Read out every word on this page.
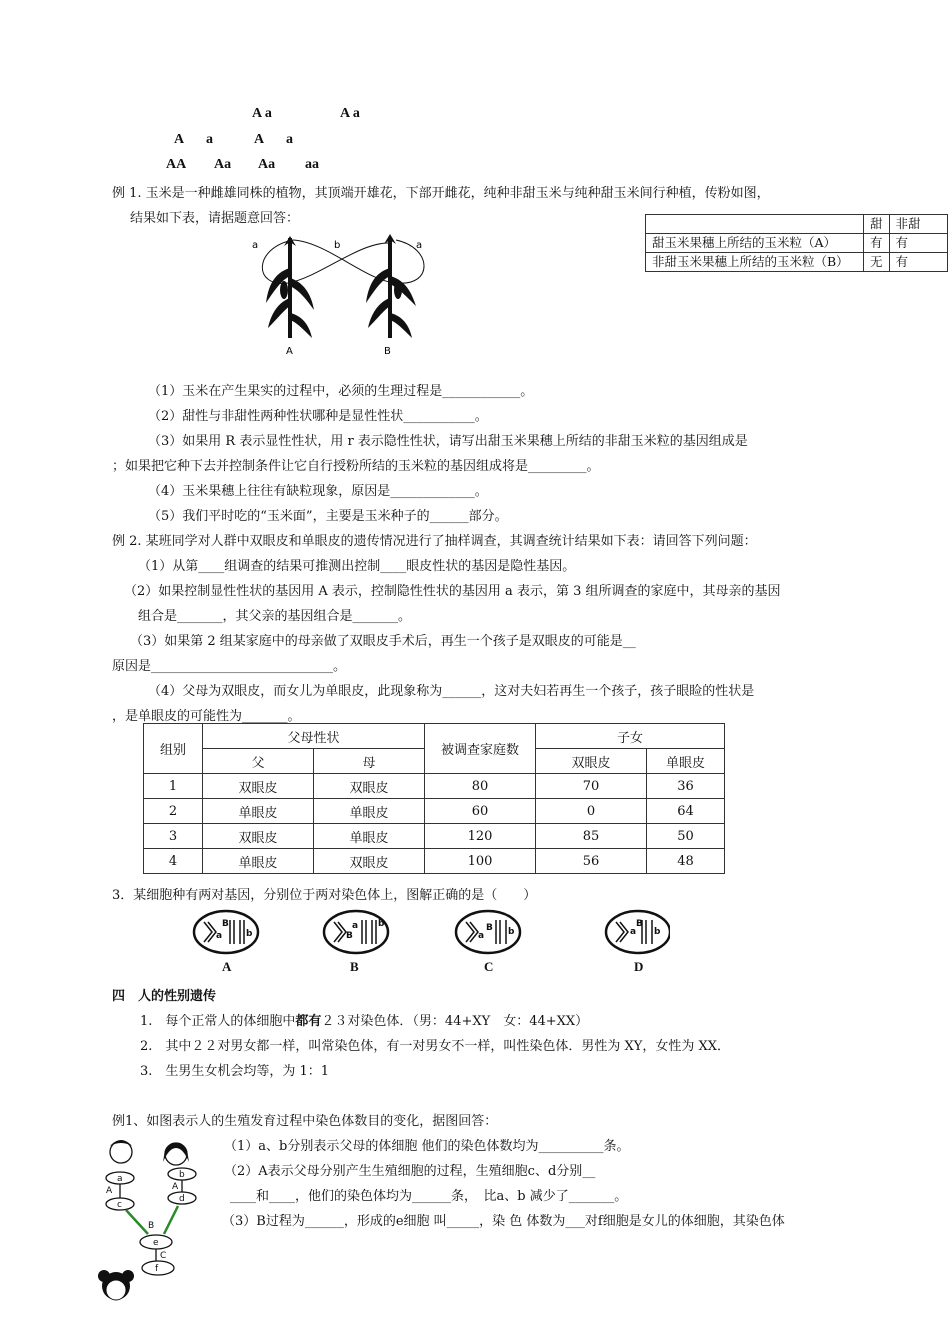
A a	A a
A a	A a
AA Aa Aa aa
例 1. 玉米是一种雌雄同株的植物，其顶端开雄花，下部开雌花，纯种非甜玉米与纯种甜玉米间行种植，传粉如图，
结果如下表，请据题意回答：
		甜	非甜
甜玉米果穗上所结的玉米粒（A）	有	有
非甜玉米果穗上所结的玉米粒（B）	无	有
a	b	a
A	B
（1）玉米在产生果实的过程中，必须的生理过程是____________。
（2）甜性与非甜性两种性状哪种是显性性状___________。
（3）如果用 R 表示显性性状，用 r 表示隐性性状，请写出甜玉米果穗上所结的非甜玉米粒的基因组成是
；如果把它种下去并控制条件让它自行授粉所结的玉米粒的基因组成将是_________。
（4）玉米果穗上往往有缺粒现象，原因是_____________。
（5）我们平时吃的“玉米面”，主要是玉米种子的______部分。
例 2. 某班同学对人群中双眼皮和单眼皮的遗传情况进行了抽样调查，其调查统计结果如下表：请回答下列问题：
（1）从第____组调查的结果可推测出控制____眼皮性状的基因是隐性基因。
（2）如果控制显性性状的基因用 A 表示，控制隐性性状的基因用 a 表示，第 3 组所调查的家庭中，其母亲的基因
组合是_______，其父亲的基因组合是_______。
（3）如果第 2 组某家庭中的母亲做了双眼皮手术后，再生一个孩子是双眼皮的可能是__
原因是____________________________。
（4）父母为双眼皮，而女儿为单眼皮，此现象称为______，这对夫妇若再生一个孩子，孩子眼睑的性状是
，是单眼皮的可能性为_______。
组别	父母性状		被调查家庭数	子女	
	父	母		双眼皮	单眼皮
1	双眼皮	双眼皮	80	70	36
2	单眼皮	单眼皮	60	0	64
3	双眼皮	单眼皮	120	85	50
4	单眼皮	双眼皮	100	56	48
3．某细胞种有两对基因，分别位于两对染色体上，图解正确的是（　　）
a
B
b	B
a b
a
B b	a
B
b
A	B	C	D
四　人的性别遗传
1.　每个正常人的体细胞中都有２３对染色体．（男：44+XY　女：44+XX）
2.　其中２２对男女都一样，叫常染色体，有一对男女不一样，叫性染色体．男性为 XY，女性为 XX．
3.　生男生女机会均等，为 1：1
例1、如图表示人的生殖发育过程中染色体数目的变化，据图回答：
（1）a、b分别表示父母的体细胞 他们的染色体数均为__________条。
（2）A表示父母分别产生生殖细胞的过程，生殖细胞c、d分别__
____和____，他们的染色体均为______条，　比a、b 减少了_______。
（3）B过程为______，形成的e细胞 叫_____，染 色 体数为___对f细胞是女儿的体细胞，其染色体
a	b
c
d
e
f
A	A
B
C
